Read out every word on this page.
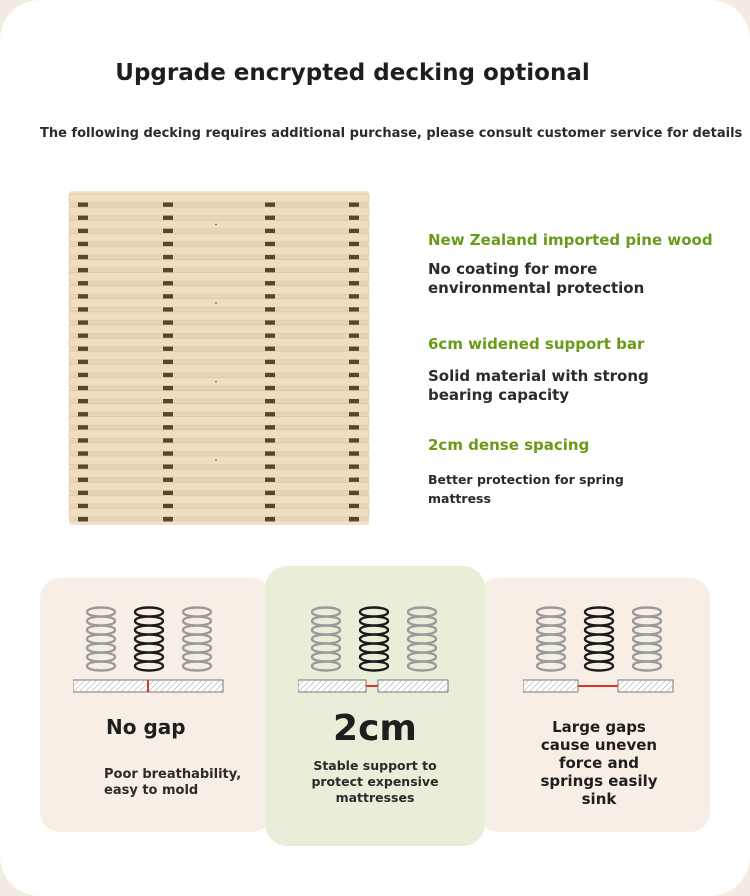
Upgrade encrypted decking optional
The following decking requires additional purchase, please consult customer service for details
New Zealand imported pine wood
No coating for more environmental protection
6cm widened support bar
Solid material with strong bearing capacity
2cm dense spacing
Better protection for spring mattress
No gap
Poor breathability, easy to mold
2cm
Stable support to protect expensive mattresses
Large gaps cause uneven force and springs easily sink
